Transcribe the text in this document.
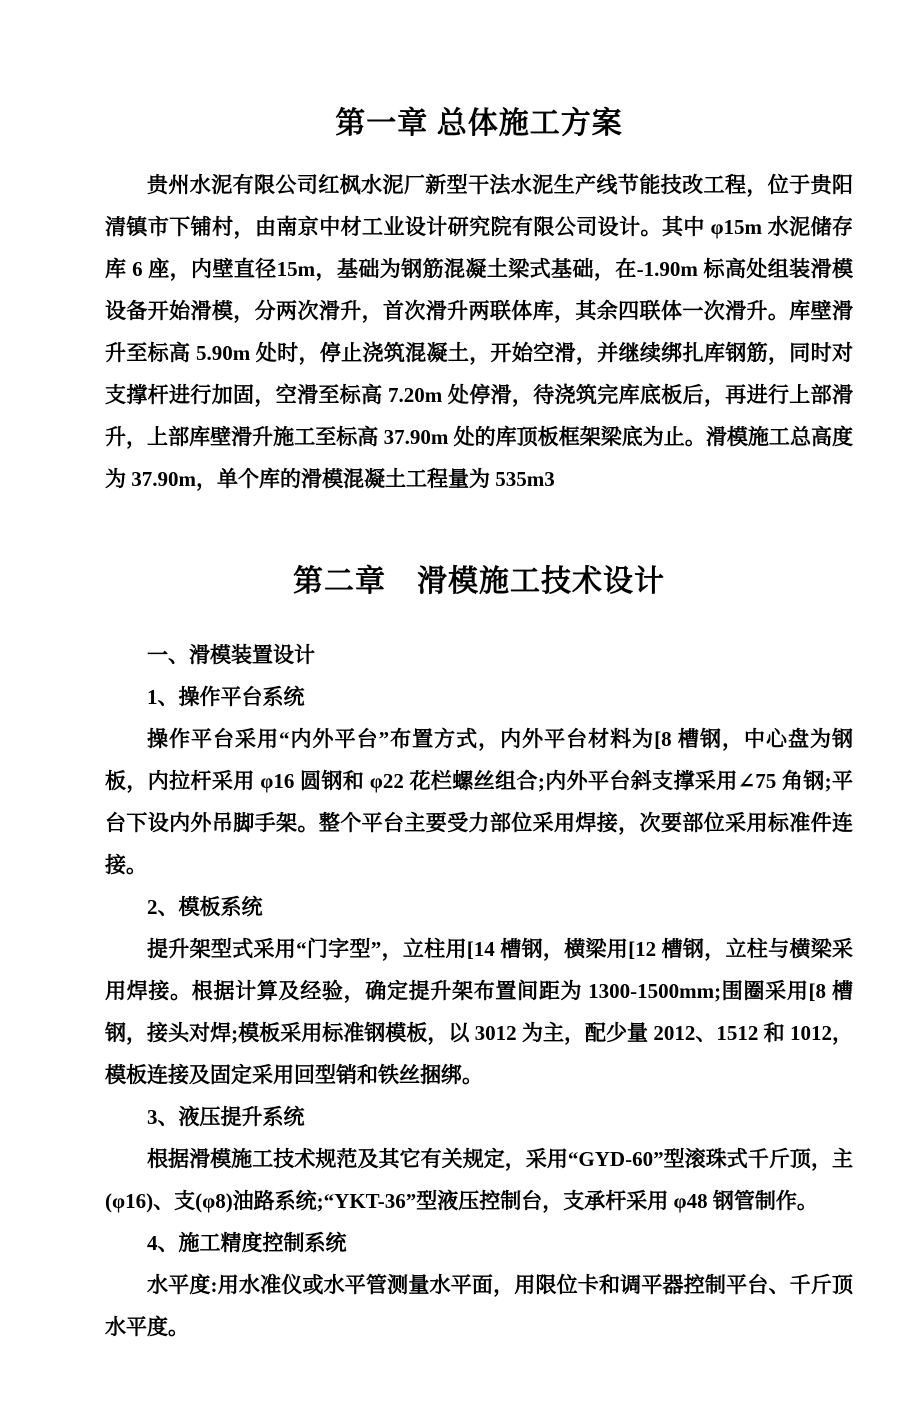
第一章 总体施工方案

贵州水泥有限公司红枫水泥厂新型干法水泥生产线节能技改工程，位于贵阳清镇市下铺村，由南京中材工业设计研究院有限公司设计。其中 φ15m 水泥储存库 6 座，内壁直径15m，基础为钢筋混凝土梁式基础，在-1.90m 标高处组装滑模设备开始滑模，分两次滑升，首次滑升两联体库，其余四联体一次滑升。库壁滑升至标高 5.90m 处时，停止浇筑混凝土，开始空滑，并继续绑扎库钢筋，同时对支撑杆进行加固，空滑至标高 7.20m 处停滑，待浇筑完库底板后，再进行上部滑升，上部库壁滑升施工至标高 37.90m 处的库顶板框架梁底为止。滑模施工总高度为 37.90m，单个库的滑模混凝土工程量为 535m3

第二章　滑模施工技术设计
一、滑模装置设计
1、操作平台系统

操作平台采用“内外平台”布置方式，内外平台材料为[8 槽钢，中心盘为钢板，内拉杆采用 φ16 圆钢和 φ22 花栏螺丝组合;内外平台斜支撑采用∠75 角钢;平台下设内外吊脚手架。整个平台主要受力部位采用焊接，次要部位采用标准件连接。

2、模板系统

提升架型式采用“门字型”，立柱用[14 槽钢，横梁用[12 槽钢，立柱与横梁采用焊接。根据计算及经验，确定提升架布置间距为 1300-1500mm;围圈采用[8 槽钢，接头对焊;模板采用标准钢模板，以 3012 为主，配少量 2012、1512 和 1012，模板连接及固定采用回型销和铁丝捆绑。

3、液压提升系统

根据滑模施工技术规范及其它有关规定，采用“GYD-60”型滚珠式千斤顶，主(φ16)、支(φ8)油路系统;“YKT-36”型液压控制台，支承杆采用 φ48 钢管制作。

4、施工精度控制系统

水平度:用水准仪或水平管测量水平面，用限位卡和调平器控制平台、千斤顶水平度。
